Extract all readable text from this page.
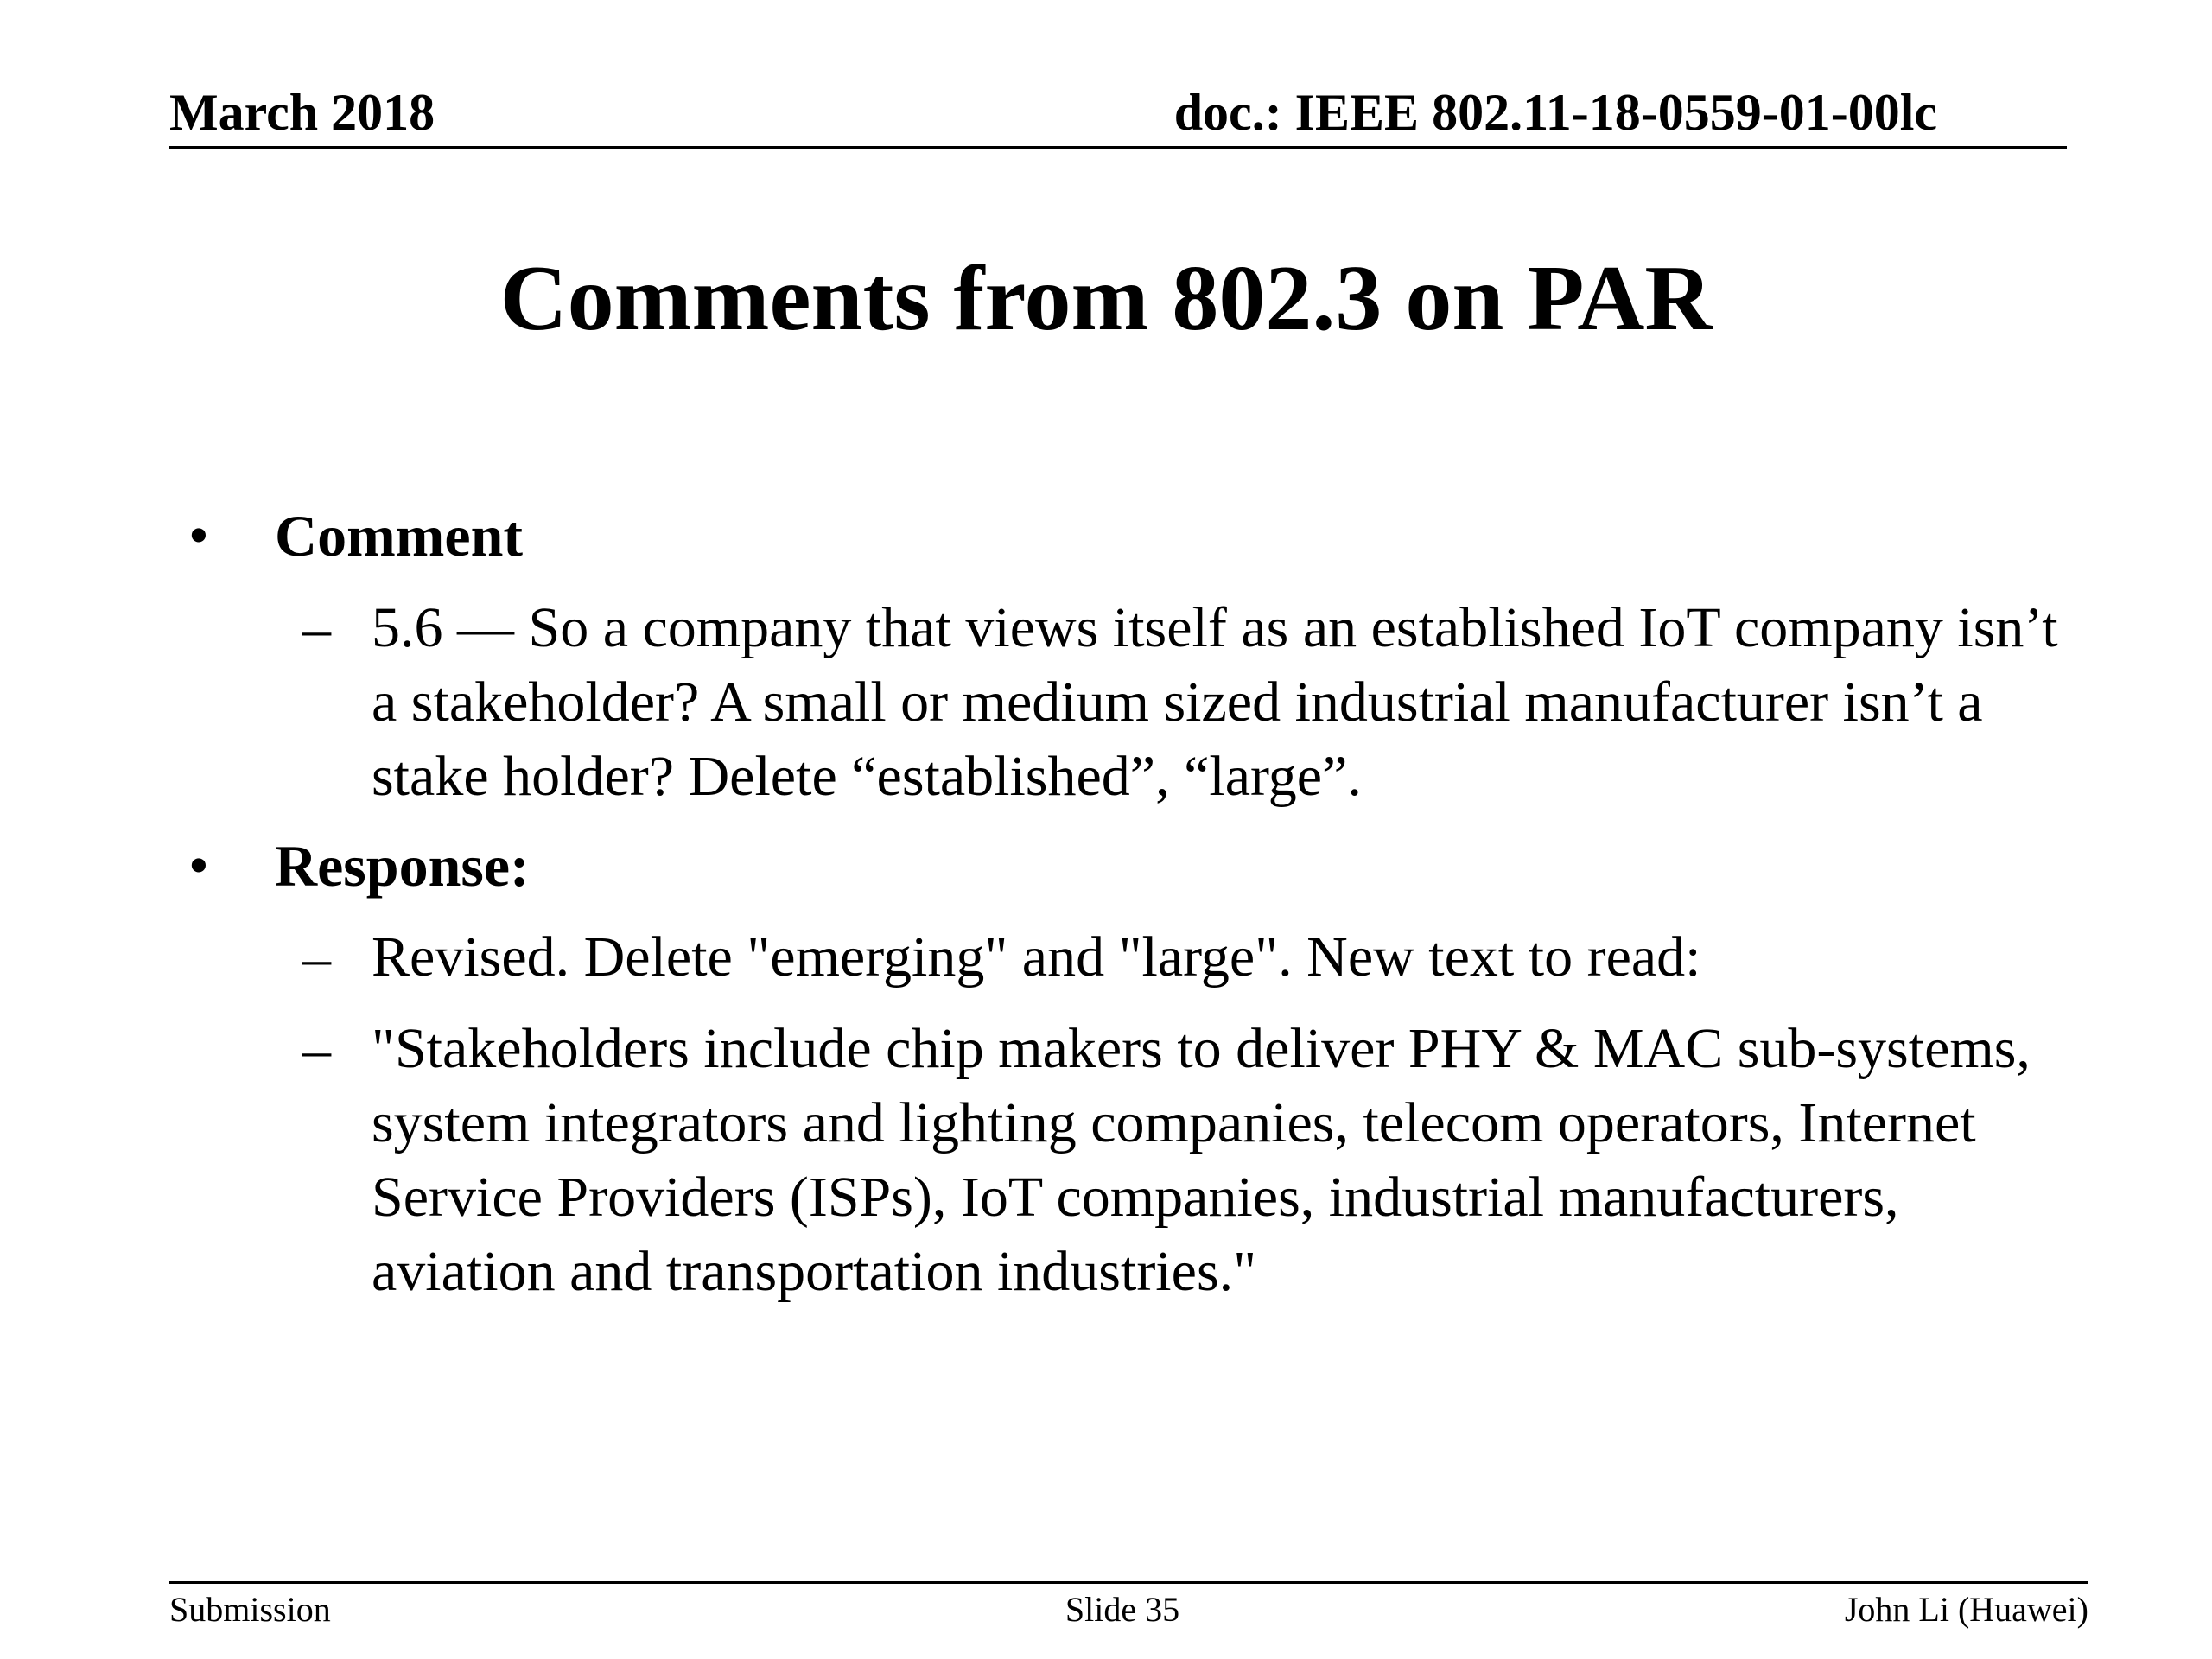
March 2018	doc.: IEEE 802.11-18-0559-01-00lc
Comments from 802.3 on PAR
• Comment
– 5.6 — So a company that views itself as an established IoT company isn’t a stakeholder? A small or medium sized industrial manufacturer isn’t a stake holder? Delete “established”, “large”.
• Response:
– Revised. Delete "emerging" and "large". New text to read:
– "Stakeholders include chip makers to deliver PHY & MAC sub-systems, system integrators and lighting companies, telecom operators, Internet Service Providers (ISPs), IoT companies, industrial manufacturers, aviation and transportation industries."
Submission	Slide 35	John Li (Huawei)
